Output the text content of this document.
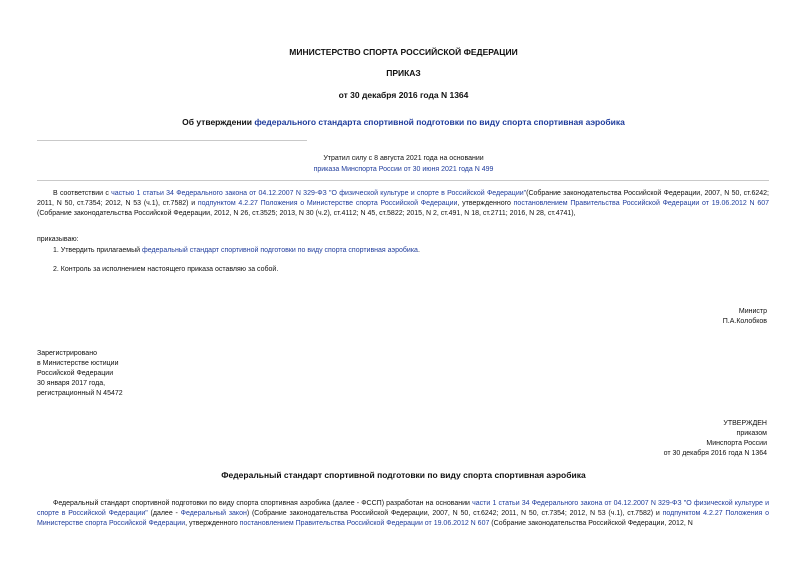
МИНИСТЕРСТВО СПОРТА РОССИЙСКОЙ ФЕДЕРАЦИИ
ПРИКАЗ
от 30 декабря 2016 года N 1364
Об утверждении федерального стандарта спортивной подготовки по виду спорта спортивная аэробика
Утратил силу с 8 августа 2021 года на основании
приказа Минспорта России от 30 июня 2021 года N 499
В соответствии с частью 1 статьи 34 Федерального закона от 04.12.2007 N 329-ФЗ "О физической культуре и спорте в Российской Федерации"(Собрание законодательства Российской Федерации, 2007, N 50, ст.6242; 2011, N 50, ст.7354; 2012, N 53 (ч.1), ст.7582) и подпунктом 4.2.27 Положения о Министерстве спорта Российской Федерации, утвержденного постановлением Правительства Российской Федерации от 19.06.2012 N 607 (Собрание законодательства Российской Федерации, 2012, N 26, ст.3525; 2013, N 30 (ч.2), ст.4112; N 45, ст.5822; 2015, N 2, ст.491, N 18, ст.2711; 2016, N 28, ст.4741),
приказываю:
1. Утвердить прилагаемый федеральный стандарт спортивной подготовки по виду спорта спортивная аэробика.
2. Контроль за исполнением настоящего приказа оставляю за собой.
Министр
П.А.Колобков
Зарегистрировано
в Министерстве юстиции
Российской Федерации
30 января 2017 года,
регистрационный N 45472
УТВЕРЖДЕН
приказом
Минспорта России
от 30 декабря 2016 года N 1364
Федеральный стандарт спортивной подготовки по виду спорта спортивная аэробика
Федеральный стандарт спортивной подготовки по виду спорта спортивная аэробика (далее - ФССП) разработан на основании части 1 статьи 34 Федерального закона от 04.12.2007 N 329-ФЗ "О физической культуре и спорте в Российской Федерации" (далее - Федеральный закон) (Собрание законодательства Российской Федерации, 2007, N 50, ст.6242; 2011, N 50, ст.7354; 2012, N 53 (ч.1), ст.7582) и подпунктом 4.2.27 Положения о Министерстве спорта Российской Федерации, утвержденного постановлением Правительства Российской Федерации от 19.06.2012 N 607 (Собрание законодательства Российской Федерации, 2012, N
